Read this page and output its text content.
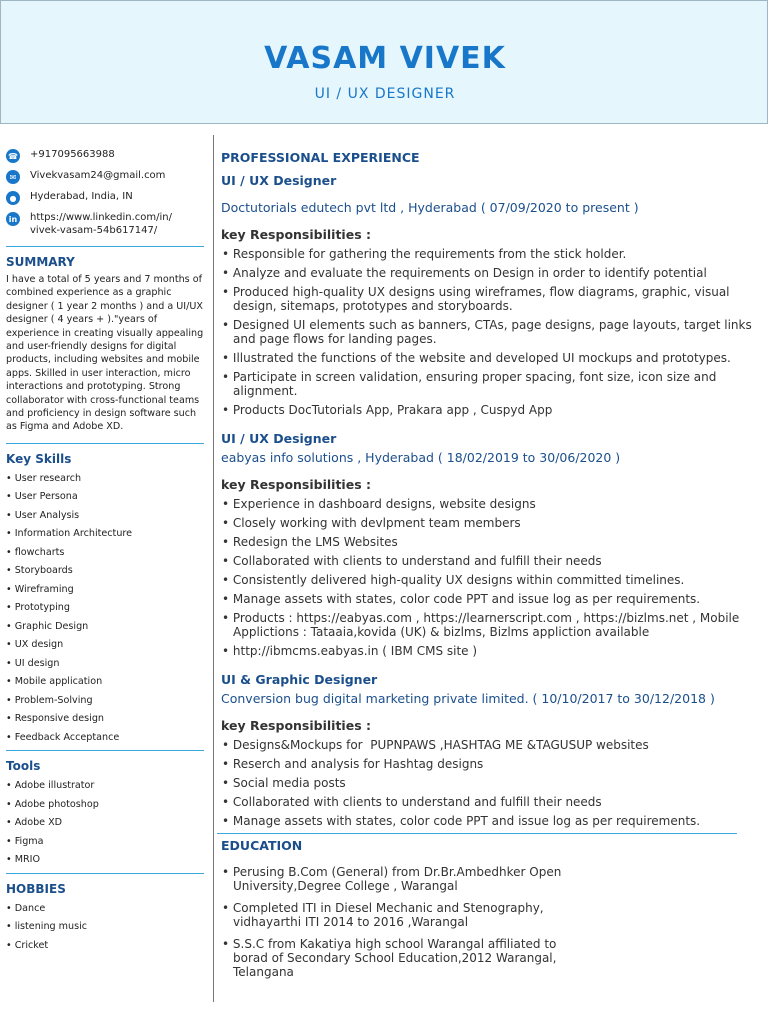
VASAM VIVEK
UI / UX DESIGNER
☎ +917095663988
✉	Vivekvasam24@gmail.com
●	Hyderabad, India, IN
in https://www.linkedin.com/in/ vivek-vasam-54b617147/
SUMMARY
I have a total of 5 years and 7 months of combined experience as a graphic designer ( 1 year 2 months ) and a UI/UX designer ( 4 years + )."years of experience in creating visually appealing and user-friendly designs for digital products, including websites and mobile apps. Skilled in user interaction, micro interactions and prototyping. Strong collaborator with cross-functional teams and proficiency in design software such as Figma and Adobe XD.
Key Skills
• User research
• User Persona
• User Analysis
• Information Architecture
• flowcharts
• Storyboards
• Wireframing
• Prototyping
• Graphic Design
• UX design
• UI design
• Mobile application
• Problem-Solving
• Responsive design
• Feedback Acceptance
Tools
• Adobe illustrator
• Adobe photoshop
• Adobe XD
• Figma
• MRIO
HOBBIES
• Dance
• listening music
• Cricket
PROFESSIONAL EXPERIENCE
UI / UX Designer
Doctutorials edutech pvt ltd , Hyderabad ( 07/09/2020 to present )
key Responsibilities :
• Responsible for gathering the requirements from the stick holder.
• Analyze and evaluate the requirements on Design in order to identify potential
• Produced high-quality UX designs using wireframes, flow diagrams, graphic, visual design, sitemaps, prototypes and storyboards.
• Designed UI elements such as banners, CTAs, page designs, page layouts, target links and page flows for landing pages.
• Illustrated the functions of the website and developed UI mockups and prototypes.
• Participate in screen validation, ensuring proper spacing, font size, icon size and alignment.
• Products DocTutorials App, Prakara app , Cuspyd App
UI / UX Designer
eabyas info solutions , Hyderabad ( 18/02/2019 to 30/06/2020 )
key Responsibilities :
• Experience in dashboard designs, website designs
• Closely working with devlpment team members
• Redesign the LMS Websites
• Collaborated with clients to understand and fulfill their needs
• Consistently delivered high-quality UX designs within committed timelines.
• Manage assets with states, color code PPT and issue log as per requirements.
• Products : https://eabyas.com , https://learnerscript.com , https://bizlms.net , Mobile Applictions : Tataaia,kovida (UK) & bizlms, Bizlms appliction available
• http://ibmcms.eabyas.in ( IBM CMS site )
UI & Graphic Designer
Conversion bug digital marketing private limited. ( 10/10/2017 to 30/12/2018 )
key Responsibilities :
• Designs&Mockups for  PUPNPAWS ,HASHTAG ME &TAGUSUP websites
• Reserch and analysis for Hashtag designs
• Social media posts
• Collaborated with clients to understand and fulfill their needs
• Manage assets with states, color code PPT and issue log as per requirements.
EDUCATION
• Perusing B.Com (General) from Dr.Br.Ambedhker Open University,Degree College , Warangal
• Completed ITI in Diesel Mechanic and Stenography, vidhayarthi ITI 2014 to 2016 ,Warangal
• S.S.C from Kakatiya high school Warangal affiliated to borad of Secondary School Education,2012 Warangal, Telangana
